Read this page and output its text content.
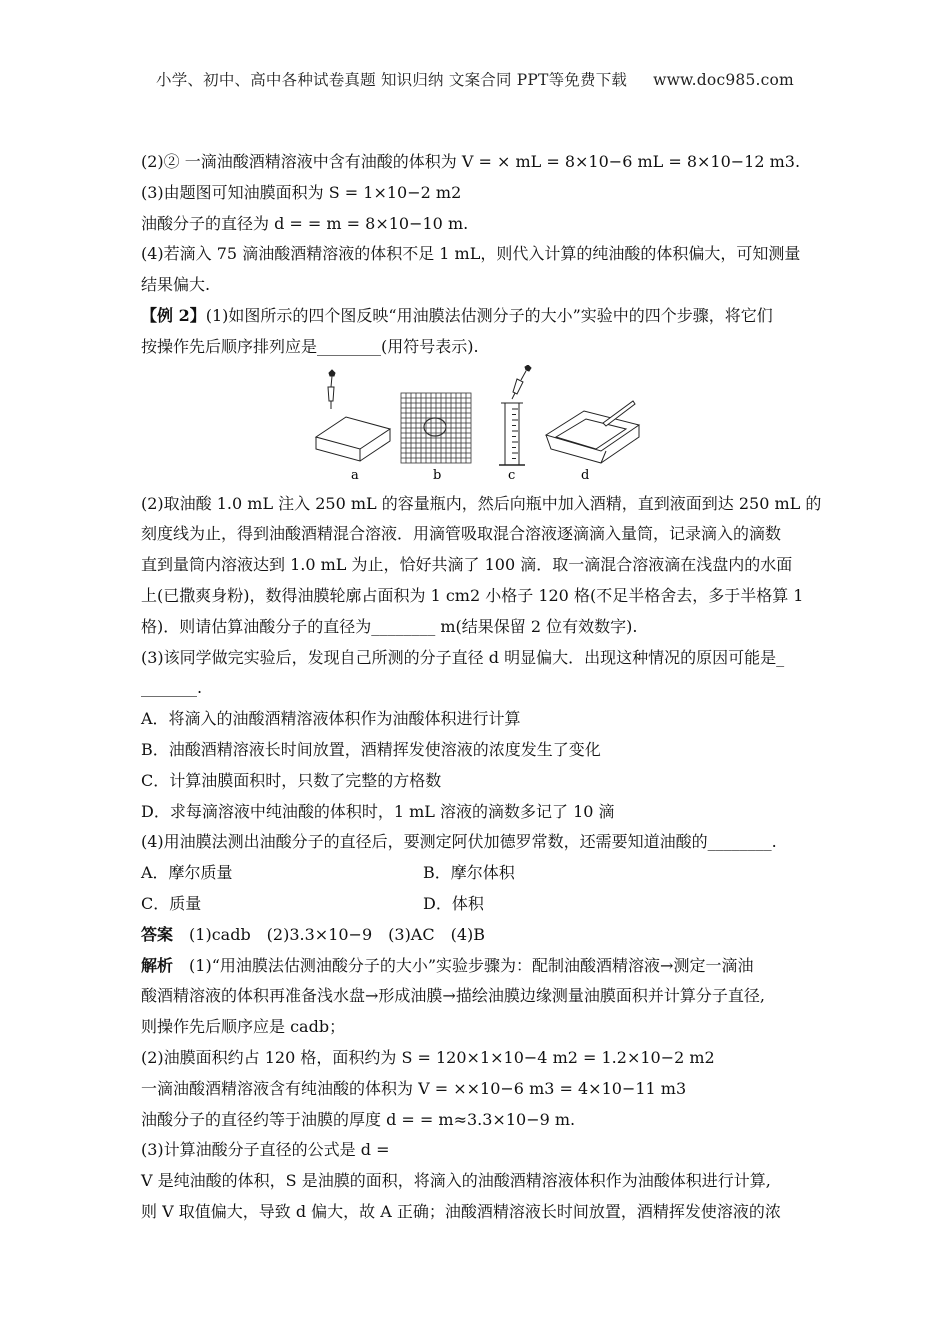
小学、初中、高中各种试卷真题 知识归纳 文案合同 PPT等免费下载 www.doc985.com
(2)② 一滴油酸酒精溶液中含有油酸的体积为 V = × mL = 8×10−6 mL = 8×10−12 m3.
(3)由题图可知油膜面积为 S = 1×10−2 m2
油酸分子的直径为 d = = m = 8×10−10 m.
(4)若滴入 75 滴油酸酒精溶液的体积不足 1 mL，则代入计算的纯油酸的体积偏大，可知测量
结果偏大.
【例 2】(1)如图所示的四个图反映“用油膜法估测分子的大小”实验中的四个步骤，将它们
按操作先后顺序排列应是________(用符号表示).
a	b	c	d
(2)取油酸 1.0 mL 注入 250 mL 的容量瓶内，然后向瓶中加入酒精，直到液面到达 250 mL 的
刻度线为止，得到油酸酒精混合溶液．用滴管吸取混合溶液逐滴滴入量筒，记录滴入的滴数
直到量筒内溶液达到 1.0 mL 为止，恰好共滴了 100 滴．取一滴混合溶液滴在浅盘内的水面
上(已撒爽身粉)，数得油膜轮廓占面积为 1 cm2 小格子 120 格(不足半格舍去，多于半格算 1
格)．则请估算油酸分子的直径为________ m(结果保留 2 位有效数字).
(3)该同学做完实验后，发现自己所测的分子直径 d 明显偏大．出现这种情况的原因可能是_
_______.
A．将滴入的油酸酒精溶液体积作为油酸体积进行计算
B．油酸酒精溶液长时间放置，酒精挥发使溶液的浓度发生了变化
C．计算油膜面积时，只数了完整的方格数
D．求每滴溶液中纯油酸的体积时，1 mL 溶液的滴数多记了 10 滴
(4)用油膜法测出油酸分子的直径后，要测定阿伏加德罗常数，还需要知道油酸的________.
A．摩尔质量	B．摩尔体积
C．质量	D．体积
答案　 (1)cadb　(2)3.3×10−9　(3)AC　(4)B
解析　 (1)“用油膜法估测油酸分子的大小”实验步骤为：配制油酸酒精溶液→测定一滴油
酸酒精溶液的体积再准备浅水盘→形成油膜→描绘油膜边缘测量油膜面积并计算分子直径,
则操作先后顺序应是 cadb；
(2)油膜面积约占 120 格，面积约为 S = 120×1×10−4 m2 = 1.2×10−2 m2
一滴油酸酒精溶液含有纯油酸的体积为 V = ××10−6 m3 = 4×10−11 m3
油酸分子的直径约等于油膜的厚度 d = = m≈3.3×10−9 m.
(3)计算油酸分子直径的公式是 d =
V 是纯油酸的体积，S 是油膜的面积，将滴入的油酸酒精溶液体积作为油酸体积进行计算,
则 V 取值偏大，导致 d 偏大，故 A 正确；油酸酒精溶液长时间放置，酒精挥发使溶液的浓
